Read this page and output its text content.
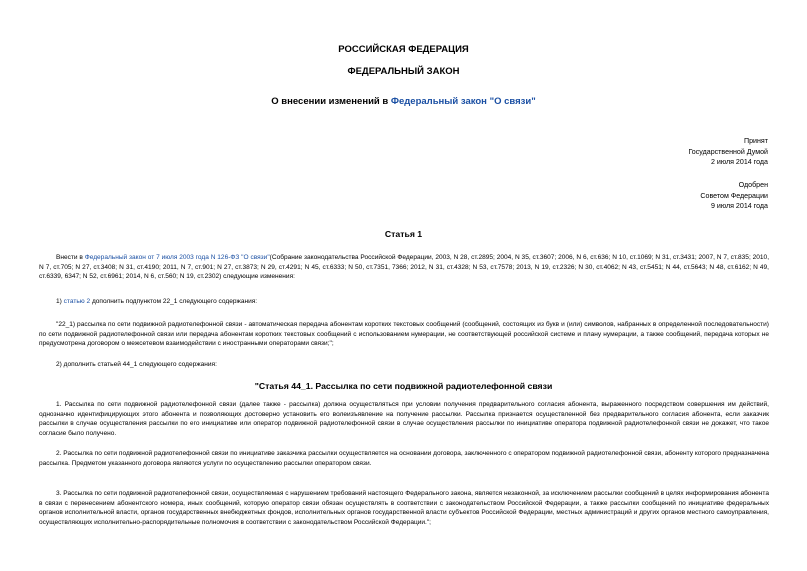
РОССИЙСКАЯ ФЕДЕРАЦИЯ
ФЕДЕРАЛЬНЫЙ ЗАКОН
О внесении изменений в Федеральный закон "О связи"
Принят
Государственной Думой
2 июля 2014 года
Одобрен
Советом Федерации
9 июля 2014 года
Статья 1
Внести в Федеральный закон от 7 июля 2003 года N 126-ФЗ "О связи"(Собрание законодательства Российской Федерации, 2003, N 28, ст.2895; 2004, N 35, ст.3607; 2006, N 6, ст.636; N 10, ст.1069; N 31, ст.3431; 2007, N 7, ст.835; 2010, N 7, ст.705; N 27, ст.3408; N 31, ст.4190; 2011, N 7, ст.901; N 27, ст.3873; N 29, ст.4291; N 45, ст.6333; N 50, ст.7351, 7366; 2012, N 31, ст.4328; N 53, ст.7578; 2013, N 19, ст.2326; N 30, ст.4062; N 43, ст.5451; N 44, ст.5643; N 48, ст.6162; N 49, ст.6339, 6347; N 52, ст.6961; 2014, N 6, ст.560; N 19, ст.2302) следующие изменения:
1) статью 2 дополнить подпунктом 22_1 следующего содержания:
"22_1) рассылка по сети подвижной радиотелефонной связи - автоматическая передача абонентам коротких текстовых сообщений (сообщений, состоящих из букв и (или) символов, набранных в определенной последовательности) по сети подвижной радиотелефонной связи или передача абонентам коротких текстовых сообщений с использованием нумерации, не соответствующей российской системе и плану нумерации, а также сообщений, передача которых не предусмотрена договором о межсетевом взаимодействии с иностранными операторами связи;";
2) дополнить статьей 44_1 следующего содержания:
"Статья 44_1. Рассылка по сети подвижной радиотелефонной связи
1. Рассылка по сети подвижной радиотелефонной связи (далее также - рассылка) должна осуществляться при условии получения предварительного согласия абонента, выраженного посредством совершения им действий, однозначно идентифицирующих этого абонента и позволяющих достоверно установить его волеизъявление на получение рассылки. Рассылка признается осуществленной без предварительного согласия абонента, если заказчик рассылки в случае осуществления рассылки по его инициативе или оператор подвижной радиотелефонной связи в случае осуществления рассылки по инициативе оператора подвижной радиотелефонной связи не докажет, что такое согласие было получено.
2. Рассылка по сети подвижной радиотелефонной связи по инициативе заказчика рассылки осуществляется на основании договора, заключенного с оператором подвижной радиотелефонной связи, абоненту которого предназначена рассылка. Предметом указанного договора являются услуги по осуществлению рассылки оператором связи.
3. Рассылка по сети подвижной радиотелефонной связи, осуществляемая с нарушением требований настоящего Федерального закона, является незаконной, за исключением рассылки сообщений в целях информирования абонента в связи с перенесением абонентского номера, иных сообщений, которую оператор связи обязан осуществлять в соответствии с законодательством Российской Федерации, а также рассылки сообщений по инициативе федеральных органов исполнительной власти, органов государственных внебюджетных фондов, исполнительных органов государственной власти субъектов Российской Федерации, местных администраций и других органов местного самоуправления, осуществляющих исполнительно-распорядительные полномочия в соответствии с законодательством Российской Федерации.";
